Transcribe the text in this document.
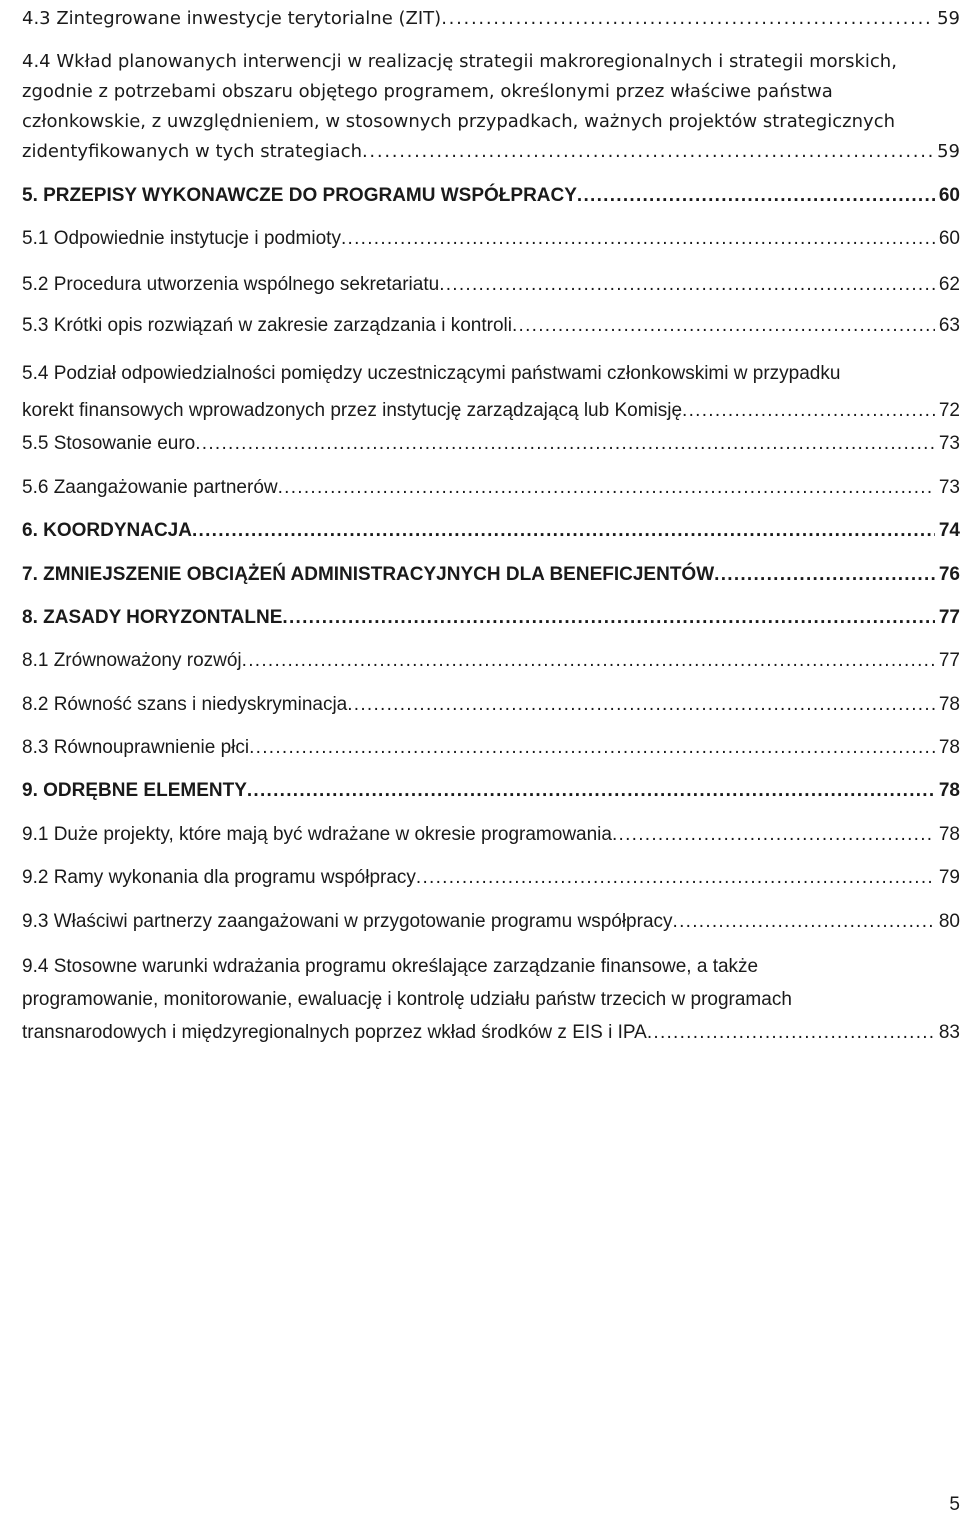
4.3 Zintegrowane inwestycje terytorialne (ZIT) . . .	59
4.4 Wkład planowanych interwencji w realizację strategii makroregionalnych i strategii morskich,
zgodnie z potrzebami obszaru objętego programem, określonymi przez właściwe państwa
członkowskie, z uwzględnieniem, w stosownych przypadkach, ważnych projektów strategicznych
zidentyfikowanych w tych strategiach . . .	59
5. PRZEPISY WYKONAWCZE DO PROGRAMU WSPÓŁPRACY . . .	60
5.1 Odpowiednie instytucje i podmioty . . .	60
5.2 Procedura utworzenia wspólnego sekretariatu . . .	62
5.3 Krótki opis rozwiązań w zakresie zarządzania i kontroli . . .	63
5.4 Podział odpowiedzialności pomiędzy uczestniczącymi państwami członkowskimi w przypadku
korekt finansowych wprowadzonych przez instytucję zarządzającą lub Komisję . . .	72
5.5 Stosowanie euro . . .	73
5.6 Zaangażowanie partnerów . . .	73
6. KOORDYNACJA . . .	74
7. ZMNIEJSZENIE OBCIĄŻEŃ ADMINISTRACYJNYCH DLA BENEFICJENTÓW . . .	76
8. ZASADY HORYZONTALNE . . .	77
8.1 Zrównoważony rozwój . . .	77
8.2 Równość szans i niedyskryminacja . . .	78
8.3 Równouprawnienie płci . . .	78
9. ODRĘBNE ELEMENTY . . .	78
9.1 Duże projekty, które mają być wdrażane w okresie programowania . . .	78
9.2 Ramy wykonania dla programu współpracy . . .	79
9.3 Właściwi partnerzy zaangażowani w przygotowanie programu współpracy . . .	80
9.4 Stosowne warunki wdrażania programu określające zarządzanie finansowe, a także
programowanie, monitorowanie, ewaluację i kontrolę udziału państw trzecich w programach
transnarodowych i międzyregionalnych poprzez wkład środków z EIS i IPA . . .	83
5
